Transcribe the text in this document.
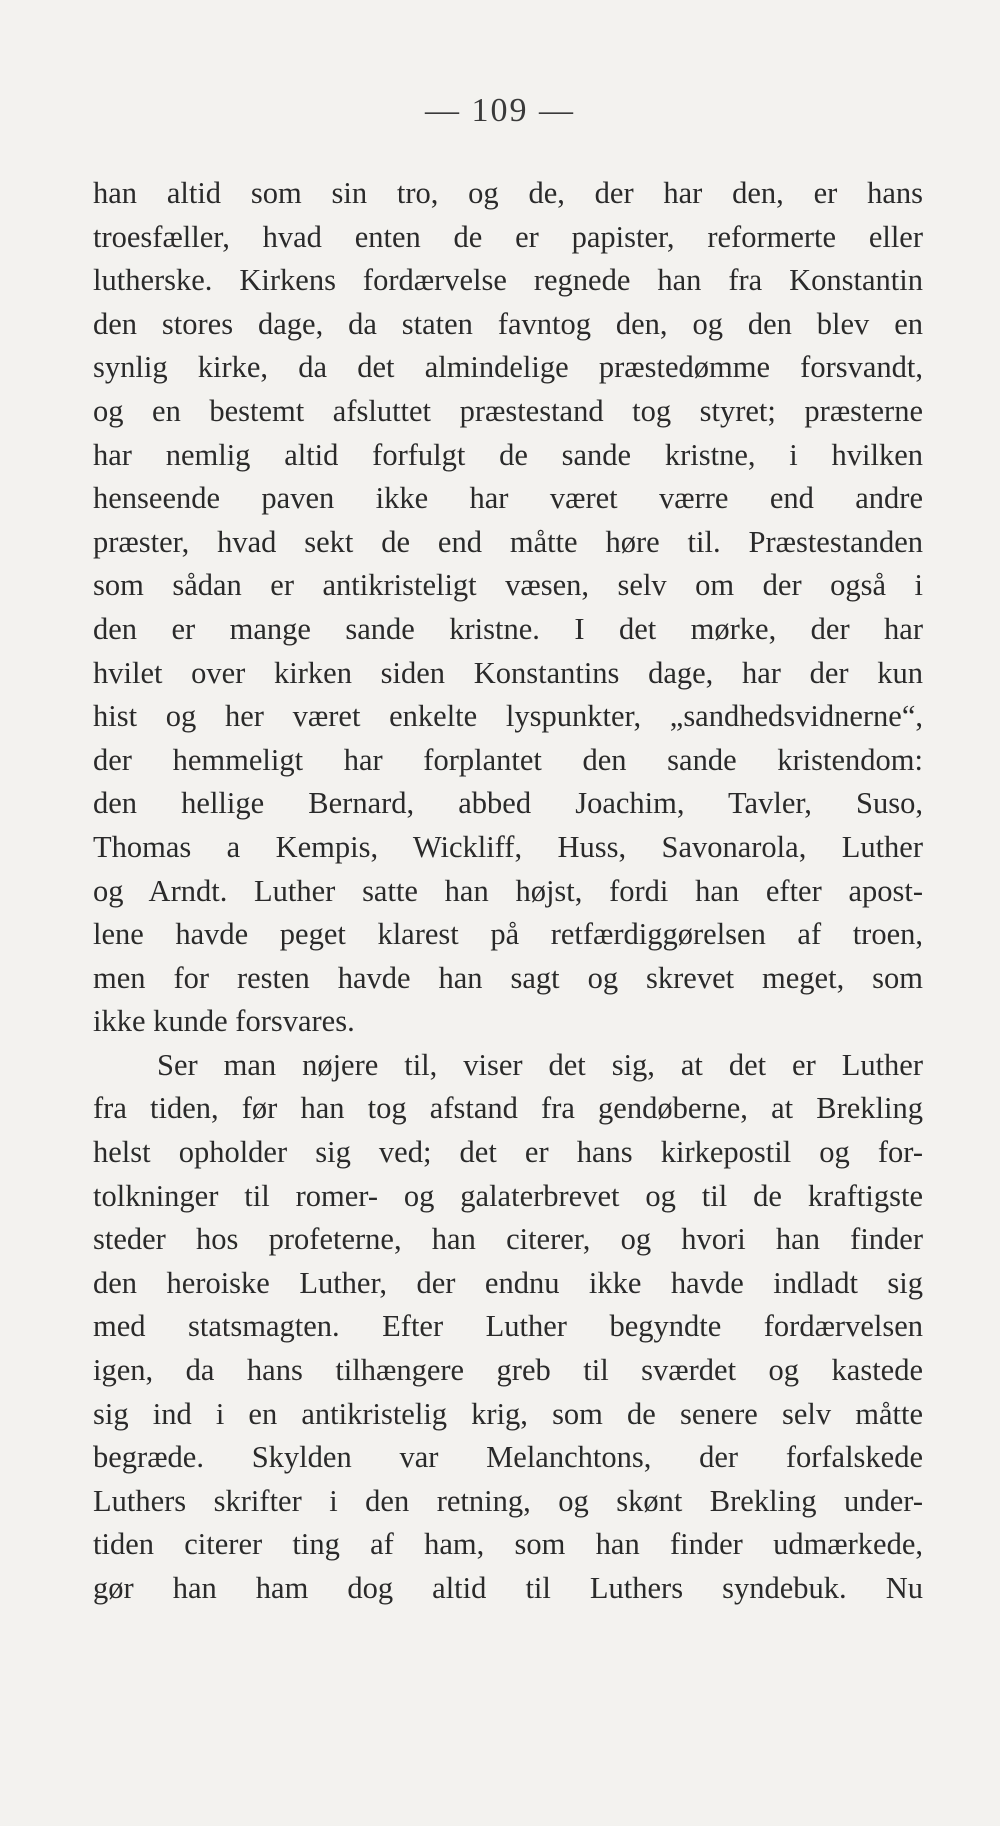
— 109 —
han altid som sin tro, og de, der har den, er hans
troesfæller, hvad enten de er papister, reformerte eller
lutherske. Kirkens fordærvelse regnede han fra Konstantin
den stores dage, da staten favntog den, og den blev en
synlig kirke, da det almindelige præstedømme forsvandt,
og en bestemt afsluttet præstestand tog styret; præsterne
har nemlig altid forfulgt de sande kristne, i hvilken
henseende paven ikke har været værre end andre
præster, hvad sekt de end måtte høre til. Præstestanden
som sådan er antikristeligt væsen, selv om der også i
den er mange sande kristne. I det mørke, der har
hvilet over kirken siden Konstantins dage, har der kun
hist og her været enkelte lyspunkter, „sandhedsvidnerne“,
der hemmeligt har forplantet den sande kristendom:
den hellige Bernard, abbed Joachim, Tavler, Suso,
Thomas a Kempis, Wickliff, Huss, Savonarola, Luther
og Arndt. Luther satte han højst, fordi han efter apost-
lene havde peget klarest på retfærdiggørelsen af troen,
men for resten havde han sagt og skrevet meget, som
ikke kunde forsvares.
Ser man nøjere til, viser det sig, at det er Luther
fra tiden, før han tog afstand fra gendøberne, at Brekling
helst opholder sig ved; det er hans kirkepostil og for-
tolkninger til romer- og galaterbrevet og til de kraftigste
steder hos profeterne, han citerer, og hvori han finder
den heroiske Luther, der endnu ikke havde indladt sig
med statsmagten. Efter Luther begyndte fordærvelsen
igen, da hans tilhængere greb til sværdet og kastede
sig ind i en antikristelig krig, som de senere selv måtte
begræde. Skylden var Melanchtons, der forfalskede
Luthers skrifter i den retning, og skønt Brekling under-
tiden citerer ting af ham, som han finder udmærkede,
gør han ham dog altid til Luthers syndebuk. Nu
